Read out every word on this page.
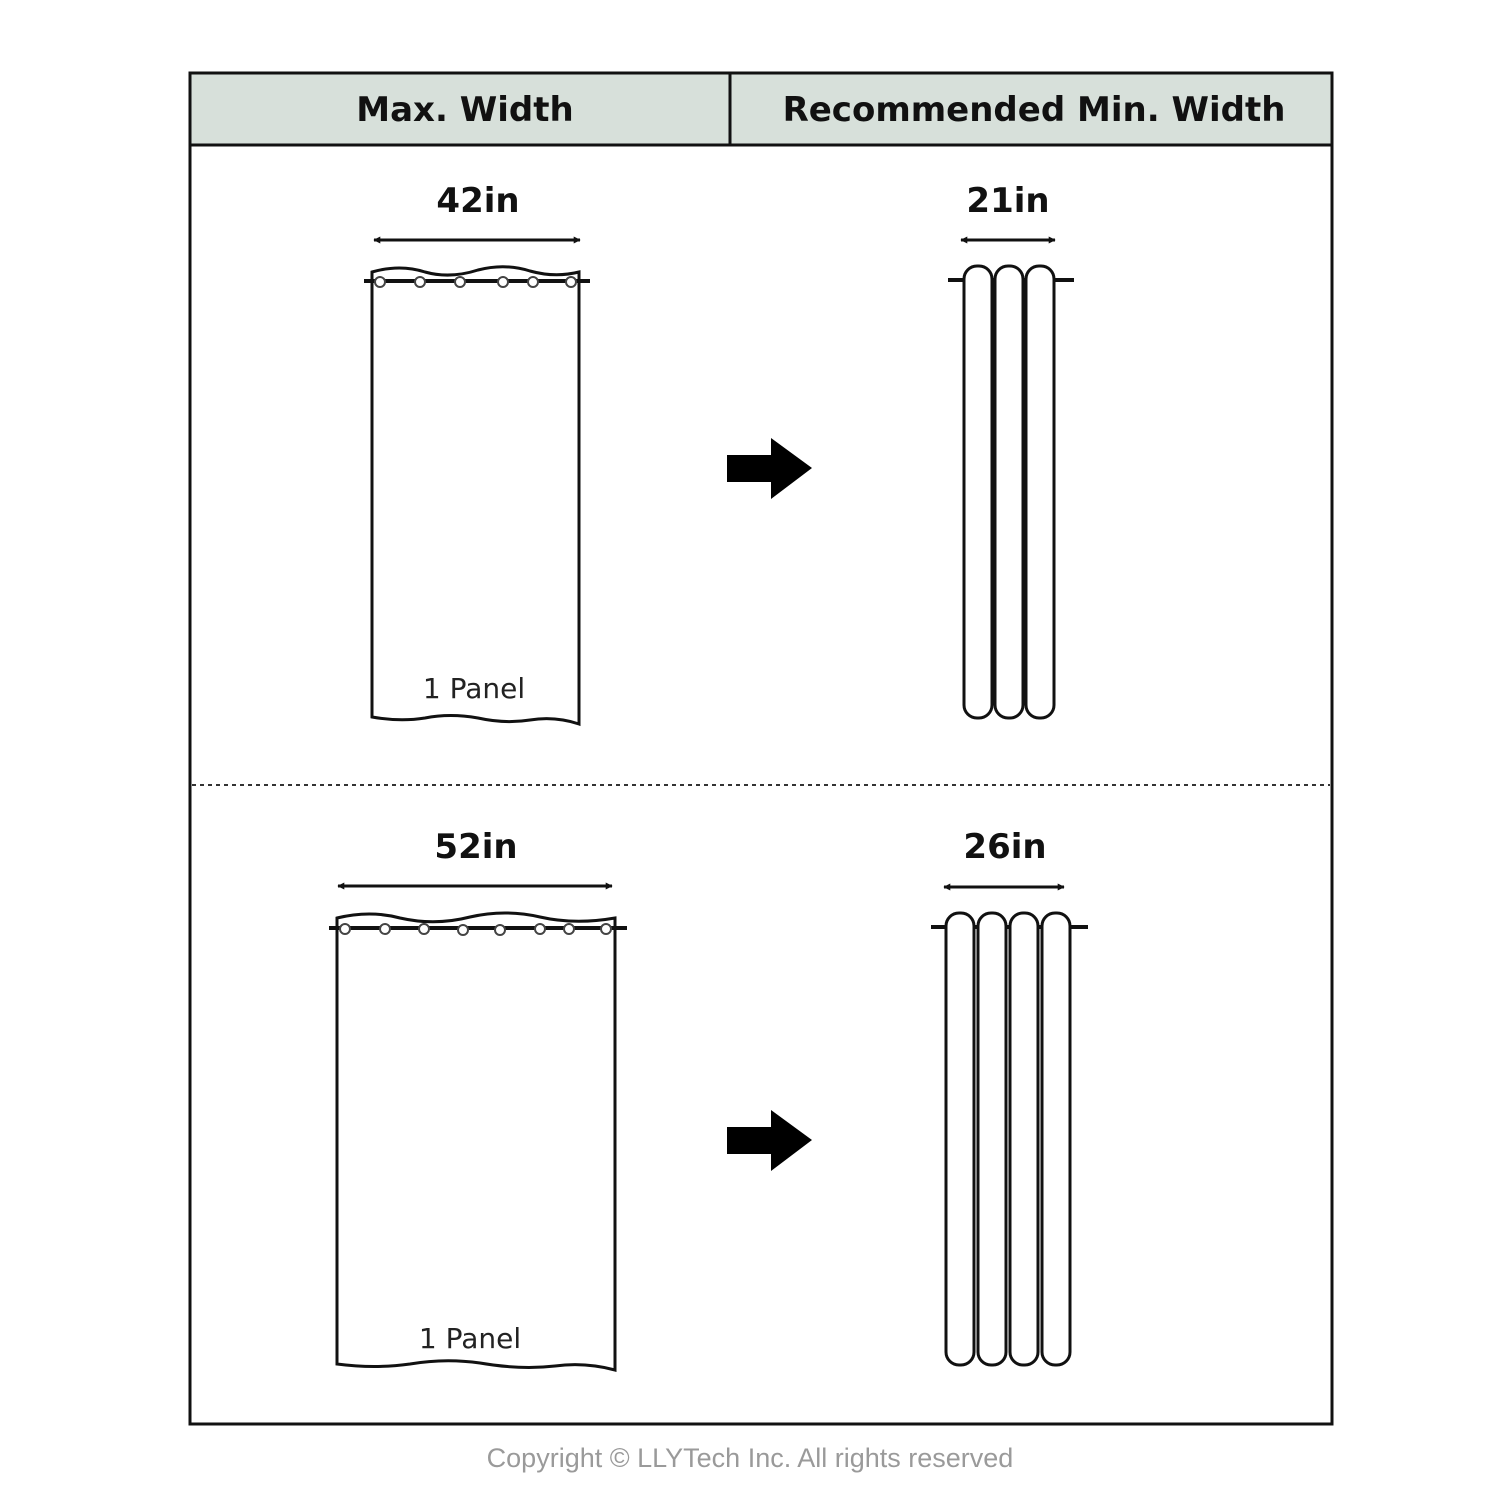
Max. Width	Recommended Min. Width
42in
1 Panel
21in
52in
1 Panel
26in
Copyright © LLYTech Inc. All rights reserved
